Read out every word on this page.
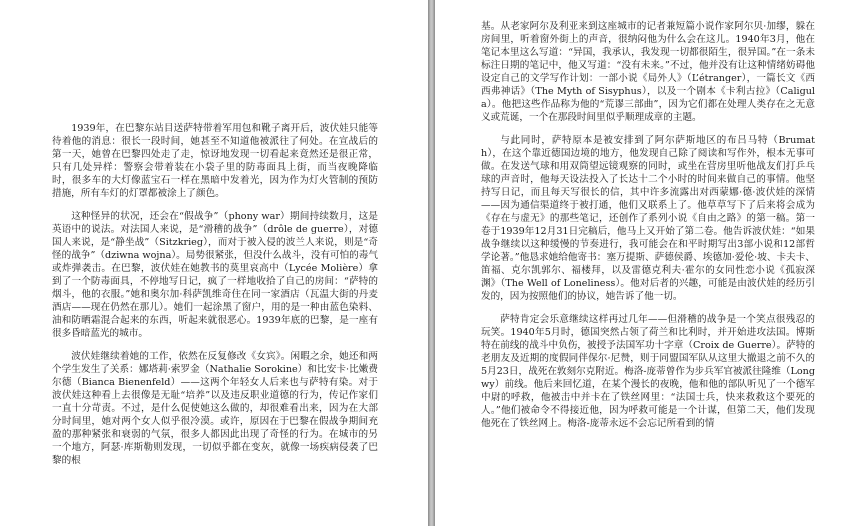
1939年，在巴黎东站目送萨特带着军用包和靴子离开后，波伏娃只能等待着他的消息：很长一段时间，她甚至不知道他被派往了何处。在宣战后的第一天，她曾在巴黎四处走了走，惊讶地发现一切看起来竟然还是很正常，只有几处异样：警察会带着装在小袋子里的防毒面具上街，而当夜晚降临时，很多车的大灯像蓝宝石一样在黑暗中发着光，因为作为灯火管制的预防措施，所有车灯的灯罩都被涂上了颜色。

这种怪异的状况，还会在“假战争”（phony war）期间持续数月，这是英语中的说法。对法国人来说，是“滑稽的战争”（drôle de guerre），对德国人来说，是“静坐战”（Sitzkrieg），而对于被入侵的波兰人来说，则是“奇怪的战争”（dziwna wojna）。局势很紧张，但没什么战斗，没有可怕的毒气或炸弹袭击。在巴黎，波伏娃在她教书的莫里哀高中（Lycée Molière）拿到了一个防毒面具，不停地写日记，疯了一样地收拾了自己的房间：“萨特的烟斗，他的衣服。”她和奥尔加·科萨凯维奇住在同一家酒店（瓦温大街的丹麦酒店——现在仍然在那儿）。她们一起涂黑了窗户，用的是一种由蓝色染料、油和防晒霜混合起来的东西，听起来就很恶心。1939年底的巴黎，是一座有很多昏暗蓝光的城市。

波伏娃继续着她的工作，依然在反复修改《女宾》。闲暇之余，她还和两个学生发生了关系：娜塔莉·索罗金（Nathalie Sorokine）和比安卡·比嫩费尔德（Bianca Bienenfeld）——这两个年轻女人后来也与萨特有染。对于波伏娃这种看上去很像是无耻“培养”以及违反职业道德的行为，传记作家们一直十分苛责。不过，是什么促使她这么做的，却很难看出来，因为在大部分时间里，她对两个女人似乎很冷漠。或许，原因在于巴黎在假战争期间充盈的那种紧张和衰弱的气氛，很多人都因此出现了奇怪的行为。在城市的另一个地方，阿瑟·库斯勒则发现，一切似乎都在变灰，就像一场疾病侵袭了巴黎的根

基。从老家阿尔及利亚来到这座城市的记者兼短篇小说作家阿尔贝·加缪，躲在房间里，听着窗外街上的声音，很纳闷他为什么会在这儿。1940年3月，他在笔记本里这么写道：“异国，我承认，我发现一切都很陌生，很异国。”在一条未标注日期的笔记中，他又写道：“没有未来。”不过，他并没有让这种情绪妨碍他设定自己的文学写作计划：一部小说《局外人》（L’étranger），一篇长文《西西弗神话》（The Myth of Sisyphus），以及一个剧本《卡利古拉》（Caligula）。他把这些作品称为他的“荒谬三部曲”，因为它们都在处理人类存在之无意义或荒诞，一个在那段时间里似乎顺理成章的主题。

与此同时，萨特原本是被安排到了阿尔萨斯地区的布吕马特（Brumath），在这个靠近德国边境的地方，他发现自己除了阅读和写作外，根本无事可做。在发送气球和用双筒望远镜观察的同时，或坐在营房里听他战友们打乒乓球的声音时，他每天设法投入了长达十二个小时的时间来做自己的事情。他坚持写日记，而且每天写很长的信，其中许多流露出对西蒙娜·德·波伏娃的深情——因为通信渠道终于被打通，他们又联系上了。他草草写下了后来将会成为《存在与虚无》的那些笔记，还创作了系列小说《自由之路》的第一稿。第一卷于1939年12月31日完稿后，他马上又开始了第二卷。他告诉波伏娃：“如果战争继续以这种缓慢的节奏进行，我可能会在和平时期写出3部小说和12部哲学论著。”他恳求她给他寄书：塞万提斯、萨德侯爵、埃德加·爱伦·坡、卡夫卡、笛福、克尔凯郭尔、福楼拜，以及雷德克利夫·霍尔的女同性恋小说《孤寂深渊》（The Well of Loneliness）。他对后者的兴趣，可能是由波伏娃的经历引发的，因为按照他们的协议，她告诉了他一切。

萨特肯定会乐意继续这样再过几年——但滑稽的战争是一个笑点很残忍的玩笑。1940年5月时，德国突然占领了荷兰和比利时，并开始进攻法国。博斯特在前线的战斗中负伤，被授予法国军功十字章（Croix de Guerre）。萨特的老朋友及近期的度假同伴保尔·尼赞，则于同盟国军队从这里大撤退之前不久的5月23日，战死在敦刻尔克附近。梅洛-庞蒂曾作为步兵军官被派往隆维（Longwy）前线。他后来回忆道，在某个漫长的夜晚，他和他的部队听见了一个德军中尉的呼救，他被击中并卡在了铁丝网里：“法国士兵，快来救救这个要死的人。”他们被命令不得接近他，因为呼救可能是一个计谋，但第二天，他们发现他死在了铁丝网上。梅洛-庞蒂永远不会忘记所看到的情
